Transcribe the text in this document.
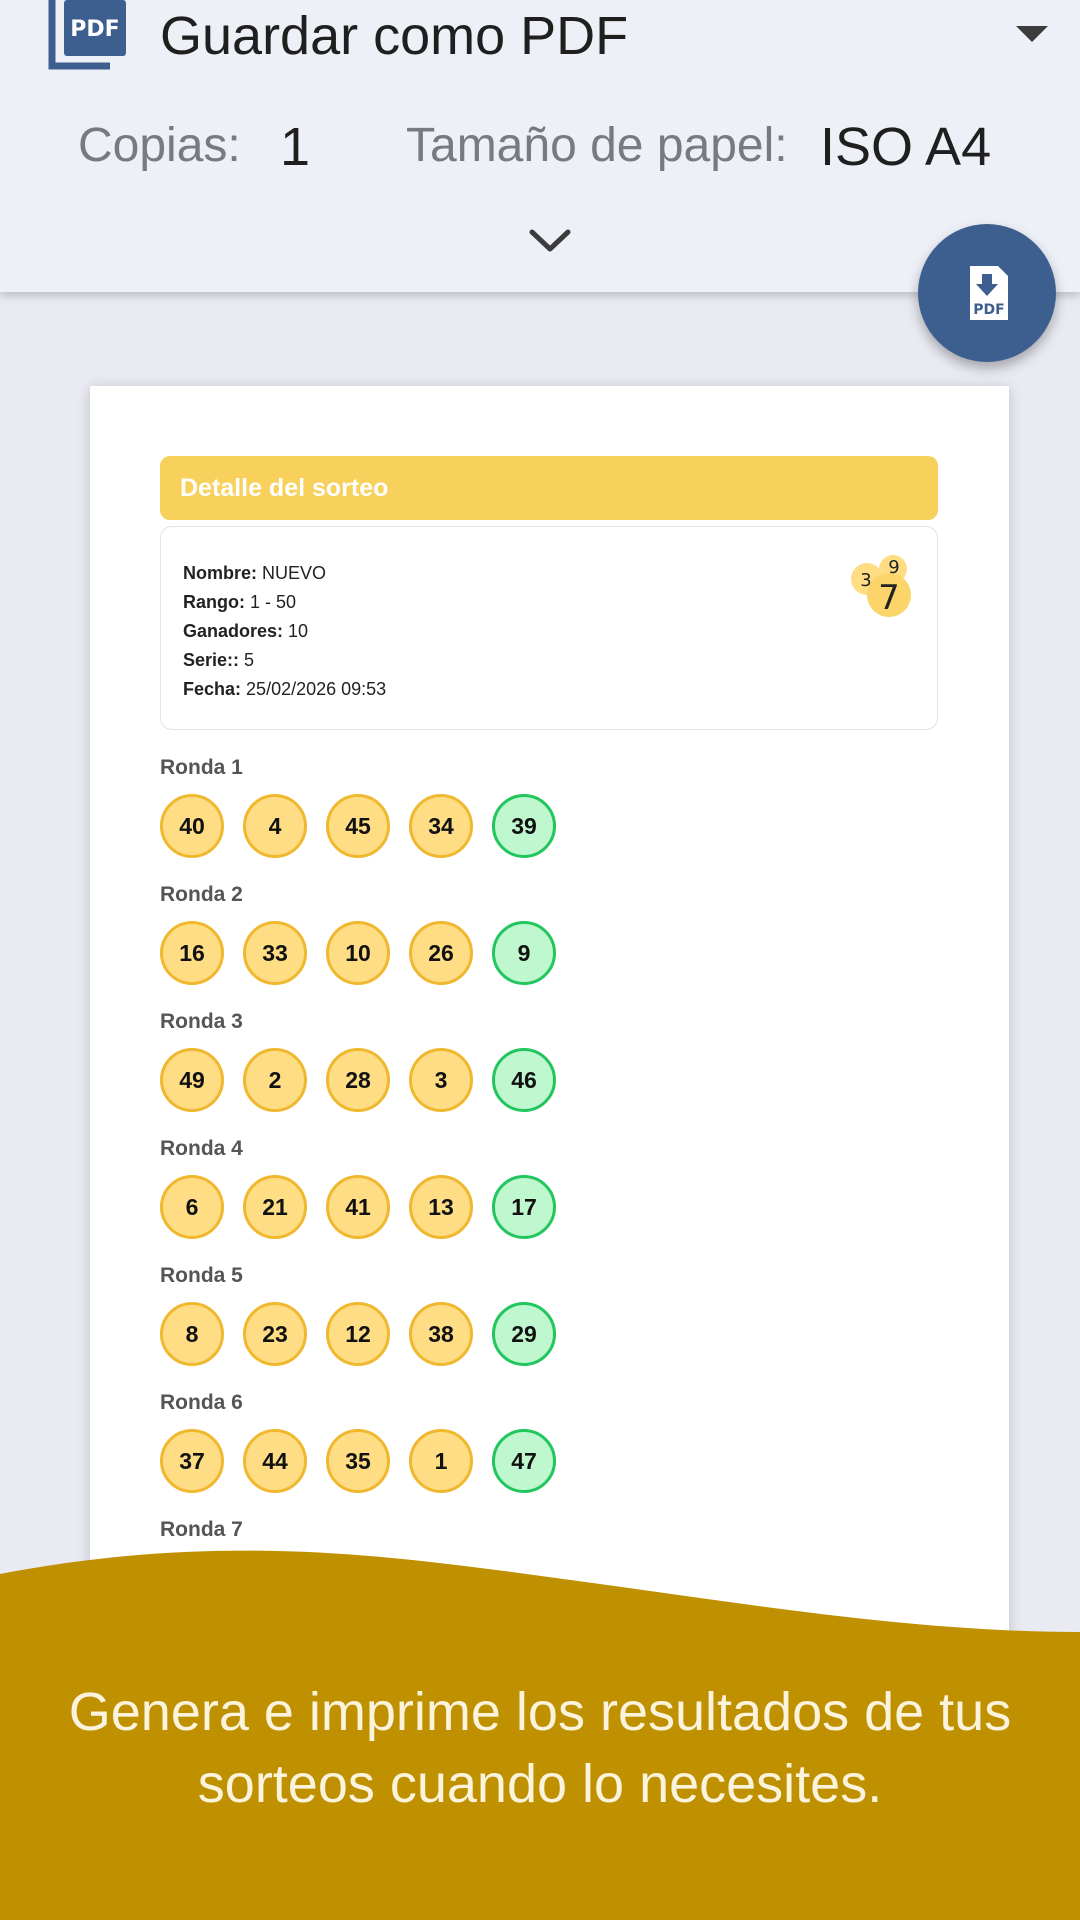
PDF Guardar como PDF
Copias: 1 Tamaño de papel: ISO A4
PDF
Detalle del sorteo
Nombre: NUEVO
Rango: 1 - 50
Ganadores: 10
Serie:: 5
Fecha: 25/02/2026 09:53
3
9
7
Ronda 1
40	4	45	34	39
Ronda 2
16	33	10	26	9
Ronda 3
49	2	28	3	46
Ronda 4
6	21	41	13	17
Ronda 5
8	23	12	38	29
Ronda 6
37	44	35	1	47
Ronda 7
Genera e imprime los resultados de tus sorteos cuando lo necesites.
